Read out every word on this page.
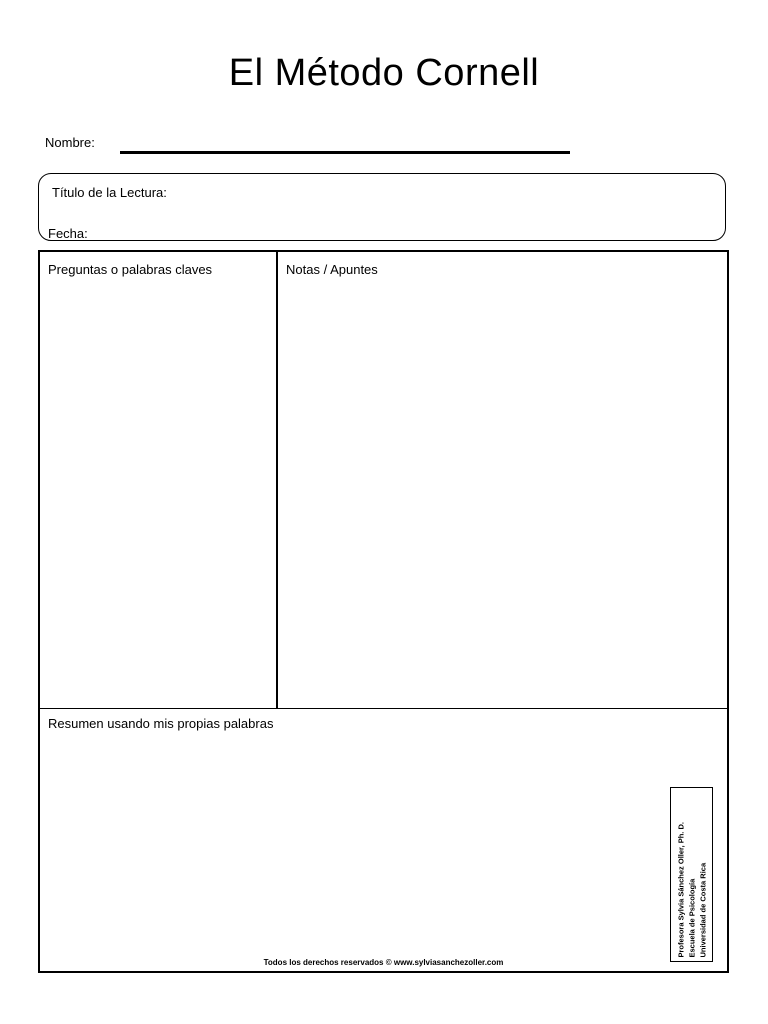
El Método Cornell
Nombre:
Título de la Lectura:
Fecha:
Preguntas o palabras claves	Notas / Apuntes
Resumen usando mis propias palabras
Profesora Sylvia Sánchez Oller, Ph. D. Escuela de Psicología Universidad de Costa Rica
Todos los derechos reservados © www.sylviasanchezoller.com
